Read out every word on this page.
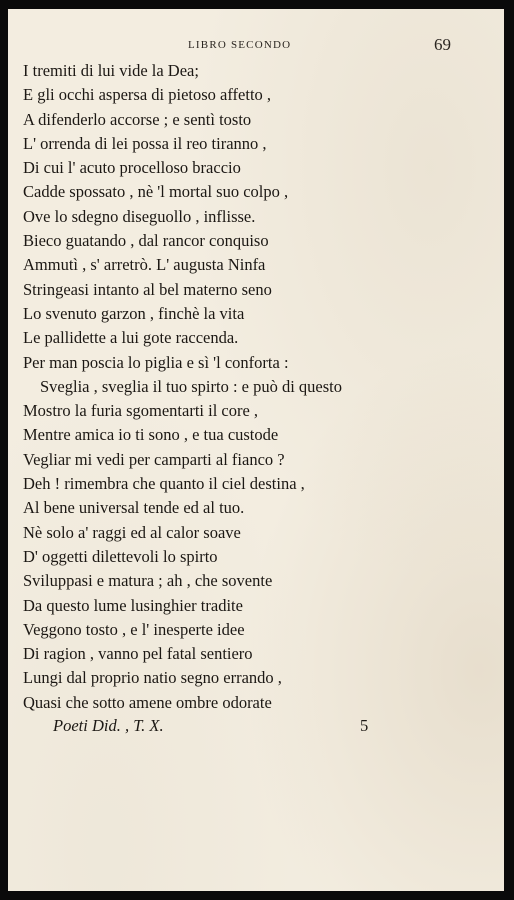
LIBRO SECONDO	69
I tremiti di lui vide la Dea;
E gli occhi aspersa di pietoso affetto ,
A difenderlo accorse ; e sentì tosto
L' orrenda di lei possa il reo tiranno ,
Di cui l' acuto procelloso braccio
Cadde spossato , nè 'l mortal suo colpo ,
Ove lo sdegno diseguollo , inflisse.
Bieco guatando , dal rancor conquiso
Ammutì , s' arretrò. L' augusta Ninfa
Stringeasi intanto al bel materno seno
Lo svenuto garzon , finchè la vita
Le pallidette a lui gote raccenda.
Per man poscia lo piglia e sì 'l conforta :
Sveglia , sveglia il tuo spirto : e può di questo
Mostro la furia sgomentarti il core ,
Mentre amica io ti sono , e tua custode
Vegliar mi vedi per camparti al fianco ?
Deh ! rimembra che quanto il ciel destina ,
Al bene universal tende ed al tuo.
Nè solo a' raggi ed al calor soave
D' oggetti dilettevoli lo spirto
Sviluppasi e matura ; ah , che sovente
Da questo lume lusinghier tradite
Veggono tosto , e l' inesperte idee
Di ragion , vanno pel fatal sentiero
Lungi dal proprio natio segno errando ,
Quasi che sotto amene ombre odorate
Poeti Did. , T. X.	5
